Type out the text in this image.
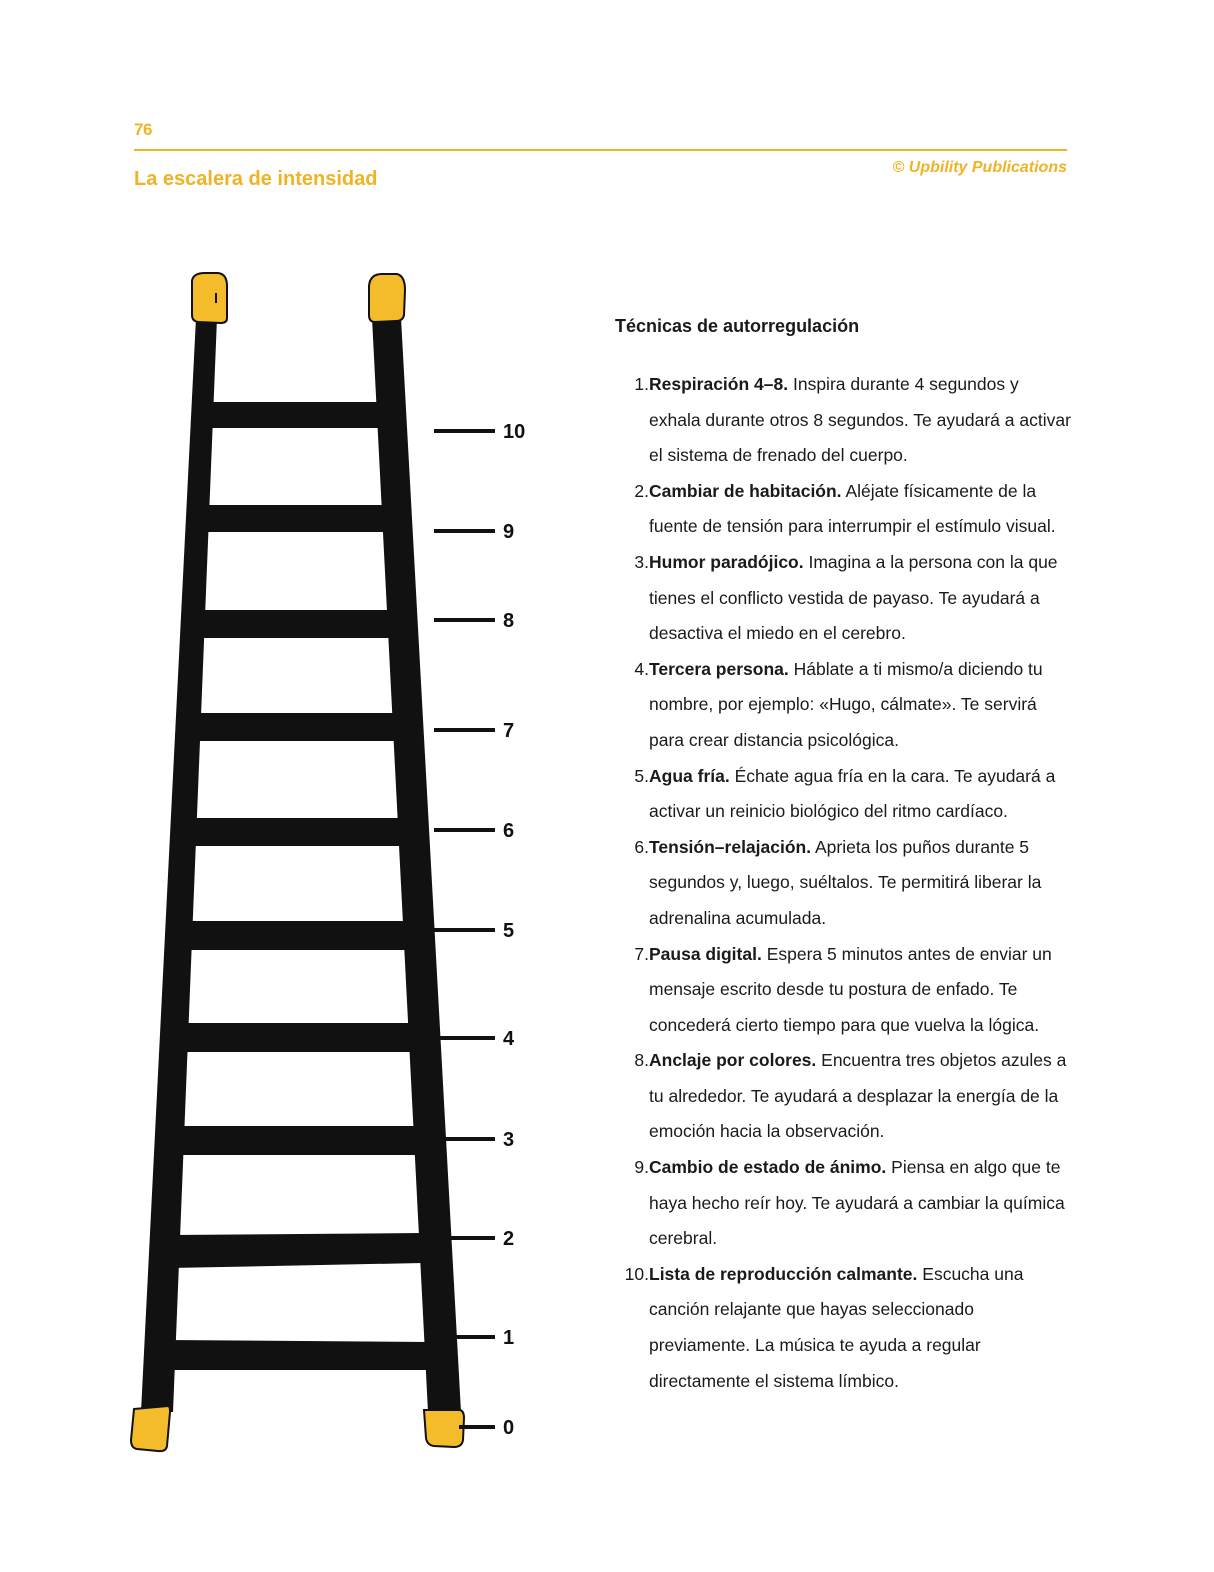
76
La escalera de intensidad
© Upbility Publications
0
1
2
3
4
5
6
7
8
9
10
Técnicas de autorregulación
1. Respiración 4–8. Inspira durante 4 segundos y exhala durante otros 8 segundos. Te ayudará a activar el sistema de frenado del cuerpo.
2. Cambiar de habitación. Aléjate físicamente de la fuente de tensión para interrumpir el estímulo visual.
3. Humor paradójico. Imagina a la persona con la que tienes el conflicto vestida de payaso. Te ayudará a desactiva el miedo en el cerebro.
4. Tercera persona. Háblate a ti mismo/a diciendo tu nombre, por ejemplo: «Hugo, cálmate». Te servirá para crear distancia psicológica.
5. Agua fría. Échate agua fría en la cara. Te ayudará a activar un reinicio biológico del ritmo cardíaco.
6. Tensión–relajación. Aprieta los puños durante 5 segundos y, luego, suéltalos. Te permitirá liberar la adrenalina acumulada.
7. Pausa digital. Espera 5 minutos antes de enviar un mensaje escrito desde tu postura de enfado. Te concederá cierto tiempo para que vuelva la lógica.
8. Anclaje por colores. Encuentra tres objetos azules a tu alrededor. Te ayudará a desplazar la energía de la emoción hacia la observación.
9. Cambio de estado de ánimo. Piensa en algo que te haya hecho reír hoy. Te ayudará a cambiar la química cerebral.
10. Lista de reproducción calmante. Escucha una canción relajante que hayas seleccionado previamente. La música te ayuda a regular directamente el sistema límbico.
